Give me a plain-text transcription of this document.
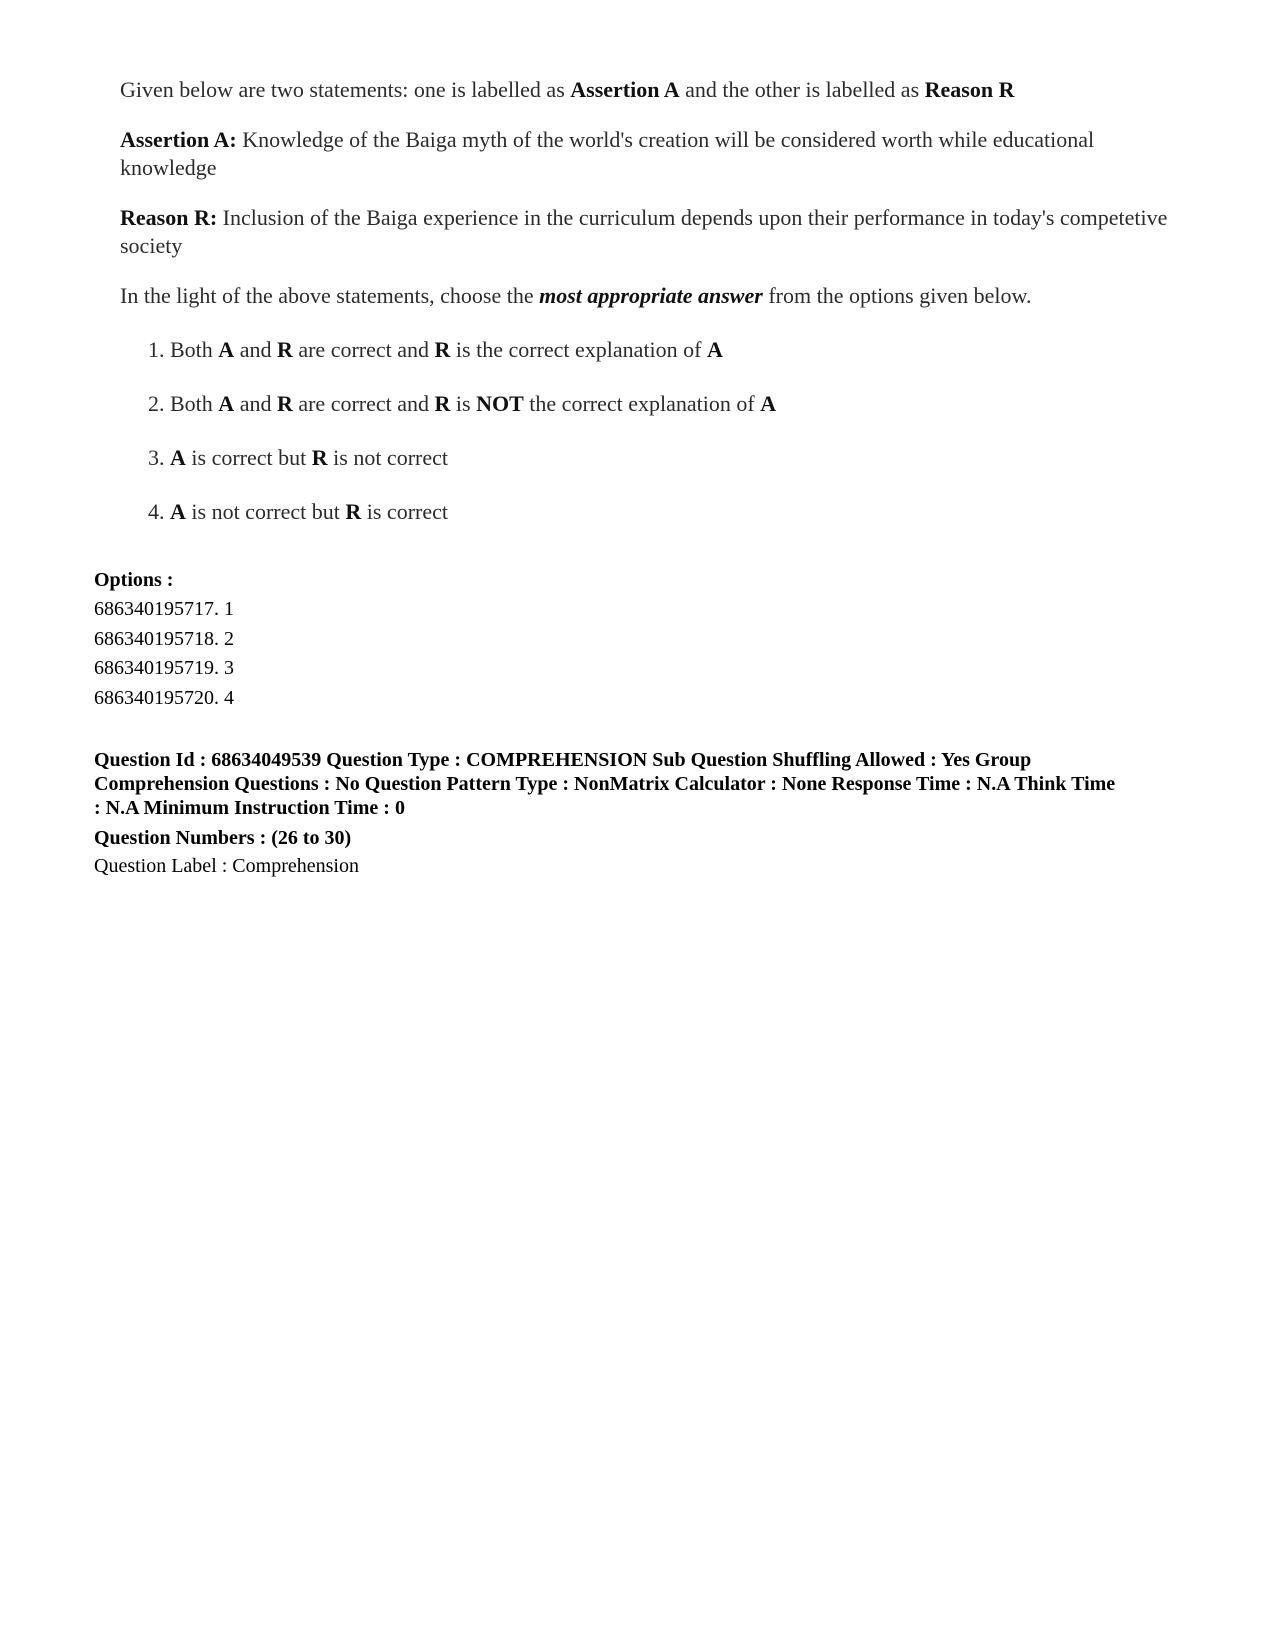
Given below are two statements: one is labelled as Assertion A and the other is labelled as Reason R

Assertion A: Knowledge of the Baiga myth of the world's creation will be considered worth while educational knowledge

Reason R: Inclusion of the Baiga experience in the curriculum depends upon their performance in today's competetive society

In the light of the above statements, choose the most appropriate answer from the options given below.

1. Both A and R are correct and R is the correct explanation of A
2. Both A and R are correct and R is NOT the correct explanation of A
3. A is correct but R is not correct
4. A is not correct but R is correct
Options :
686340195717. 1
686340195718. 2
686340195719. 3
686340195720. 4
Question Id : 68634049539 Question Type : COMPREHENSION Sub Question Shuffling Allowed : Yes Group
Comprehension Questions : No Question Pattern Type : NonMatrix Calculator : None Response Time : N.A Think Time
: N.A Minimum Instruction Time : 0
Question Numbers : (26 to 30)
Question Label : Comprehension
